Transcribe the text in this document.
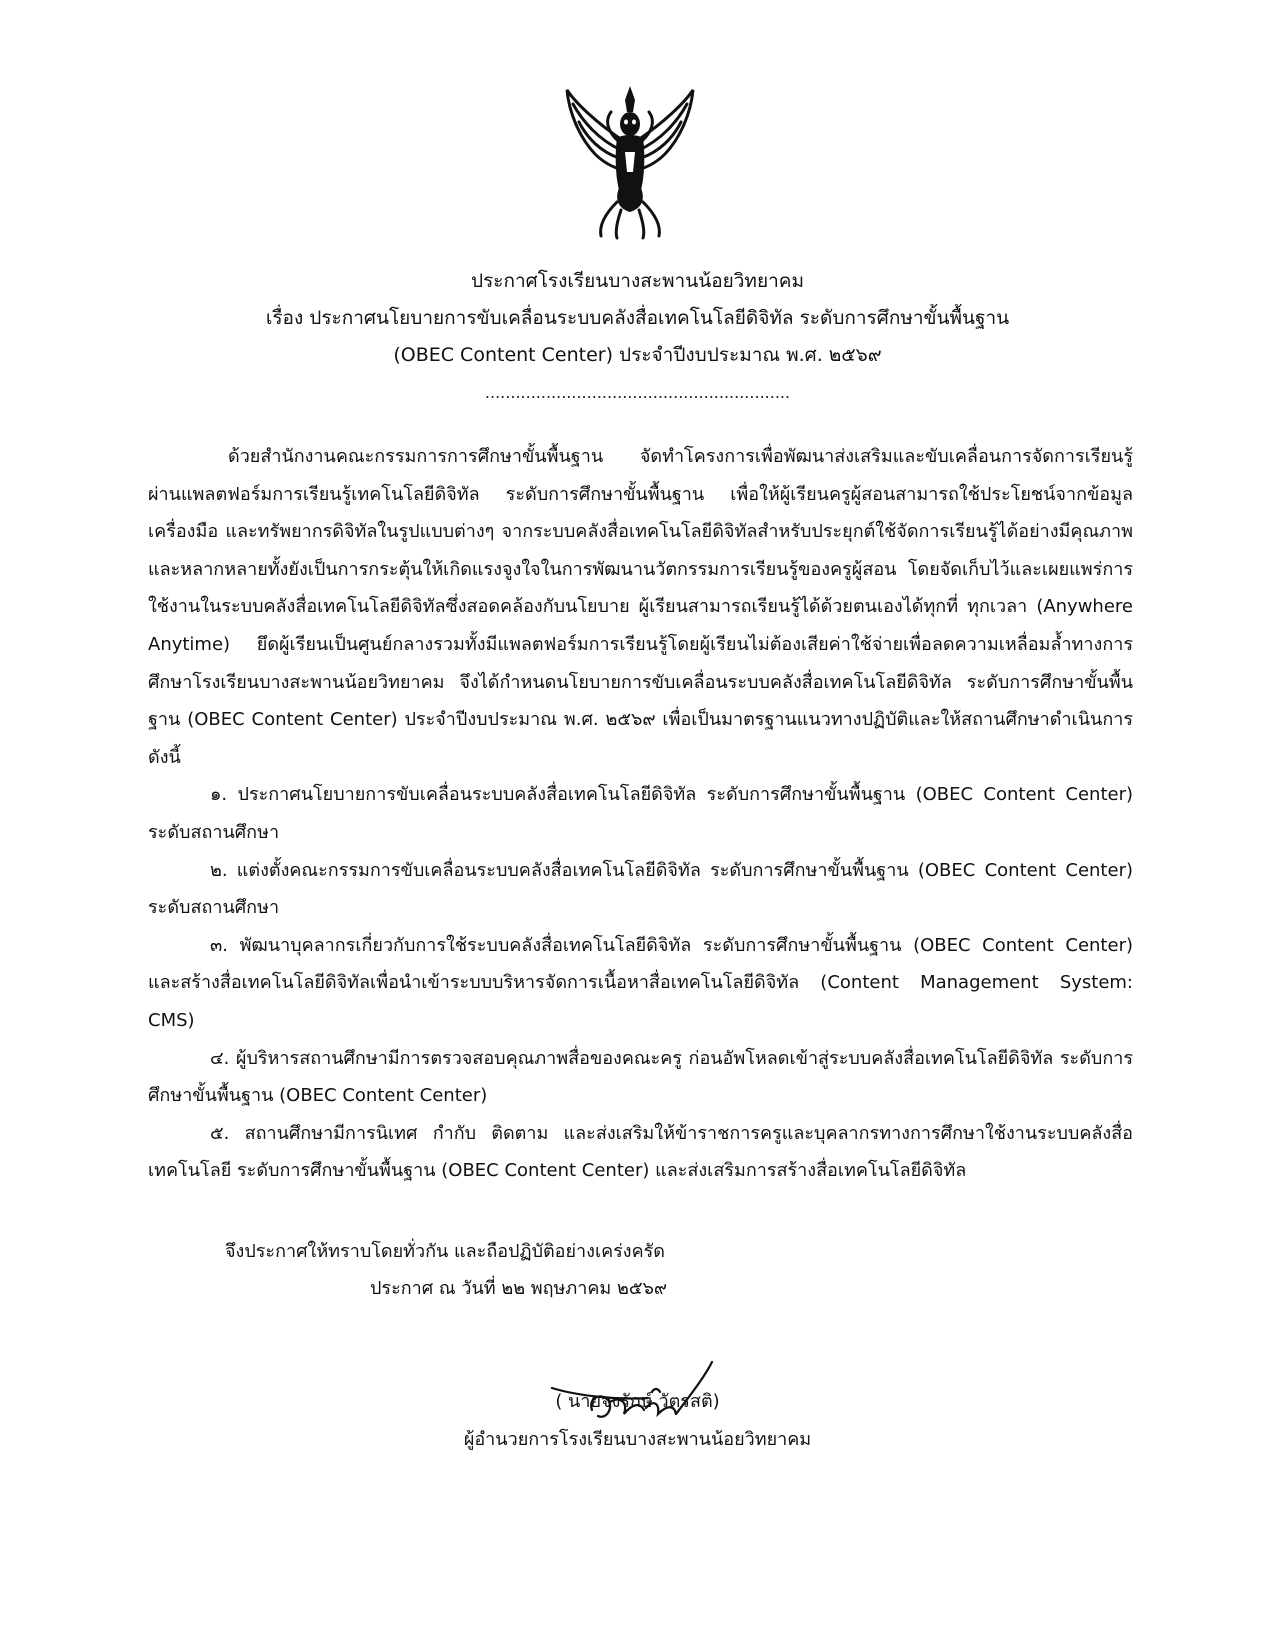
ประกาศโรงเรียนบางสะพานน้อยวิทยาคม
เรื่อง ประกาศนโยบายการขับเคลื่อนระบบคลังสื่อเทคโนโลยีดิจิทัล ระดับการศึกษาขั้นพื้นฐาน
(OBEC Content Center) ประจำปีงบประมาณ พ.ศ. ๒๕๖๙
............................................................

ด้วยสำนักงานคณะกรรมการการศึกษาขั้นพื้นฐาน จัดทำโครงการเพื่อพัฒนาส่งเสริมและขับเคลื่อนการจัดการเรียนรู้ผ่านแพลตฟอร์มการเรียนรู้เทคโนโลยีดิจิทัล ระดับการศึกษาขั้นพื้นฐาน เพื่อให้ผู้เรียนครูผู้สอนสามารถใช้ประโยชน์จากข้อมูลเครื่องมือ และทรัพยากรดิจิทัลในรูปแบบต่างๆ จากระบบคลังสื่อเทคโนโลยีดิจิทัลสำหรับประยุกต์ใช้จัดการเรียนรู้ได้อย่างมีคุณภาพและหลากหลายทั้งยังเป็นการกระตุ้นให้เกิดแรงจูงใจในการพัฒนานวัตกรรมการเรียนรู้ของครูผู้สอน โดยจัดเก็บไว้และเผยแพร่การใช้งานในระบบคลังสื่อเทคโนโลยีดิจิทัลซึ่งสอดคล้องกับนโยบาย ผู้เรียนสามารถเรียนรู้ได้ด้วยตนเองได้ทุกที่ ทุกเวลา (Anywhere Anytime) ยึดผู้เรียนเป็นศูนย์กลางรวมทั้งมีแพลตฟอร์มการเรียนรู้โดยผู้เรียนไม่ต้องเสียค่าใช้จ่ายเพื่อลดความเหลื่อมล้ำทางการศึกษาโรงเรียนบางสะพานน้อยวิทยาคม จึงได้กำหนดนโยบายการขับเคลื่อนระบบคลังสื่อเทคโนโลยีดิจิทัล ระดับการศึกษาขั้นพื้นฐาน (OBEC Content Center) ประจำปีงบประมาณ พ.ศ. ๒๕๖๙ เพื่อเป็นมาตรฐานแนวทางปฏิบัติและให้สถานศึกษาดำเนินการ ดังนี้

๑. ประกาศนโยบายการขับเคลื่อนระบบคลังสื่อเทคโนโลยีดิจิทัล ระดับการศึกษาขั้นพื้นฐาน (OBEC Content Center) ระดับสถานศึกษา

๒. แต่งตั้งคณะกรรมการขับเคลื่อนระบบคลังสื่อเทคโนโลยีดิจิทัล ระดับการศึกษาขั้นพื้นฐาน (OBEC Content Center) ระดับสถานศึกษา

๓. พัฒนาบุคลากรเกี่ยวกับการใช้ระบบคลังสื่อเทคโนโลยีดิจิทัล ระดับการศึกษาขั้นพื้นฐาน (OBEC Content Center) และสร้างสื่อเทคโนโลยีดิจิทัลเพื่อนำเข้าระบบบริหารจัดการเนื้อหาสื่อเทคโนโลยีดิจิทัล (Content Management System: CMS)

๔. ผู้บริหารสถานศึกษามีการตรวจสอบคุณภาพสื่อของคณะครู ก่อนอัพโหลดเข้าสู่ระบบคลังสื่อเทคโนโลยีดิจิทัล ระดับการศึกษาขั้นพื้นฐาน (OBEC Content Center)

๕. สถานศึกษามีการนิเทศ กำกับ ติดตาม และส่งเสริมให้ข้าราชการครูและบุคลากรทางการศึกษาใช้งานระบบคลังสื่อเทคโนโลยี ระดับการศึกษาขั้นพื้นฐาน (OBEC Content Center) และส่งเสริมการสร้างสื่อเทคโนโลยีดิจิทัล

จึงประกาศให้ทราบโดยทั่วกัน และถือปฏิบัติอย่างเคร่งครัด
ประกาศ ณ วันที่ ๒๒ พฤษภาคม ๒๕๖๙
( นายจงรักษ์ วัตรสติ)
ผู้อำนวยการโรงเรียนบางสะพานน้อยวิทยาคม
